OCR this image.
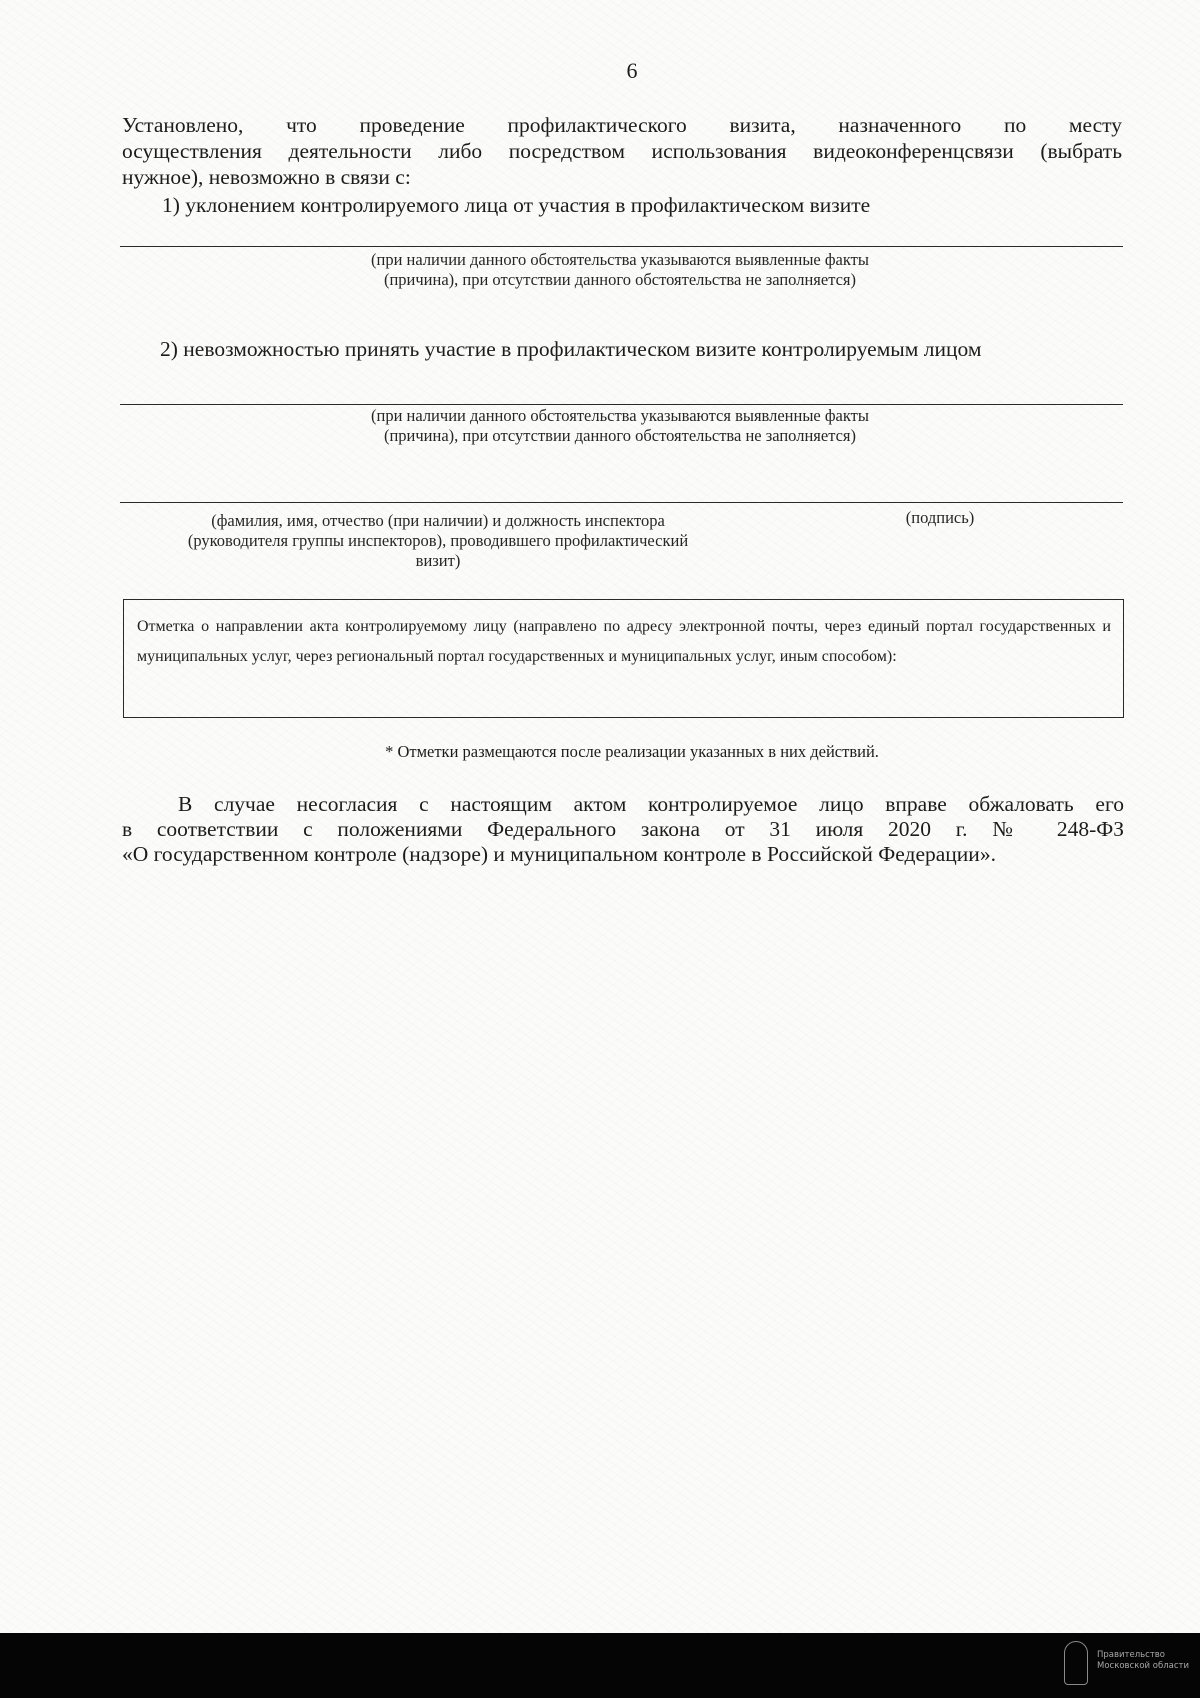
6
Установлено, что проведение профилактического визита, назначенного по месту
осуществления деятельности либо посредством использования видеоконференцсвязи (выбрать
нужное), невозможно в связи с:
1) уклонением контролируемого лица от участия в профилактическом визите
(при наличии данного обстоятельства указываются выявленные факты
(причина), при отсутствии данного обстоятельства не заполняется)
2) невозможностью принять участие в профилактическом визите контролируемым лицом
(при наличии данного обстоятельства указываются выявленные факты
(причина), при отсутствии данного обстоятельства не заполняется)
(фамилия, имя, отчество (при наличии) и должность инспектора
(руководителя группы инспекторов), проводившего профилактический
визит)
(подпись)
Отметка о направлении акта контролируемому лицу (направлено по адресу электронной почты, через единый портал государственных и муниципальных услуг, через региональный портал государственных и муниципальных услуг, иным способом):
* Отметки размещаются после реализации указанных в них действий.
В случае несогласия с настоящим актом контролируемое лицо вправе обжаловать его
в соответствии с положениями Федерального закона от 31 июля 2020 г. № 248-ФЗ
«О государственном контроле (надзоре) и муниципальном контроле в Российской Федерации».
Правительство
Московской области
